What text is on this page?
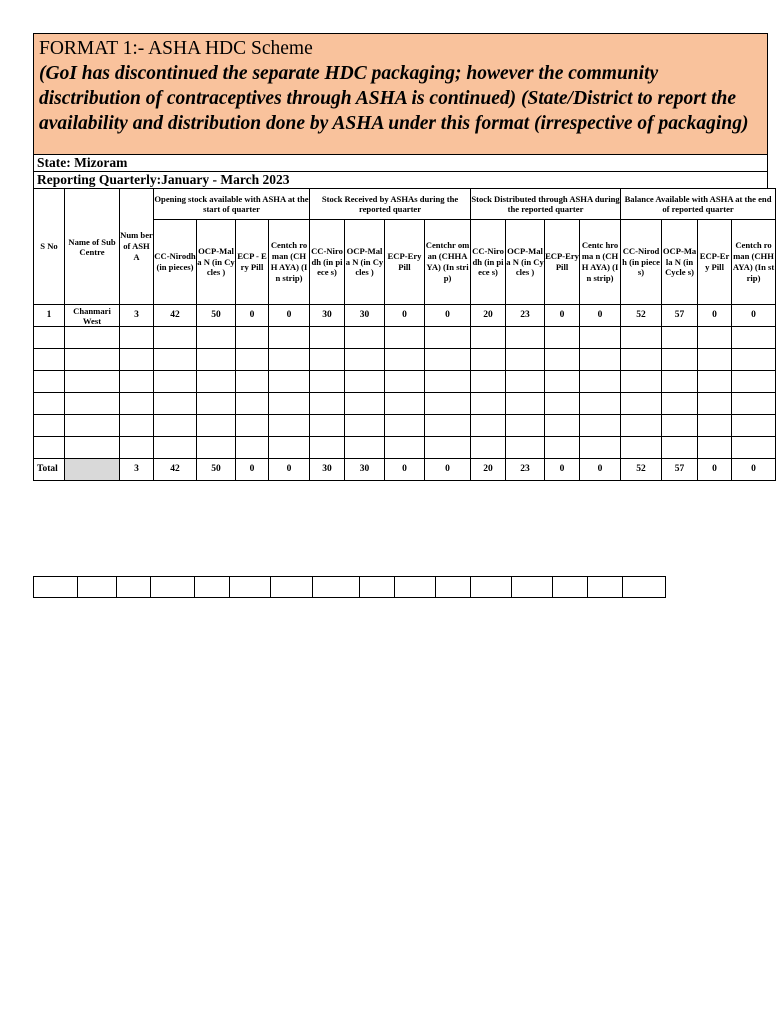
FORMAT 1:- ASHA HDC Scheme
(GoI has discontinued the separate HDC packaging; however the community disctribution of contraceptives through ASHA is continued) (State/District to report the availability and distribution done by ASHA under this format (irrespective of packaging)
State: Mizoram
Reporting Quarterly:January - March 2023
S No	Name of Sub Centre	Num ber of ASH A	Opening stock available with ASHA at the start of quarter				Stock Received by ASHAs during the reported quarter				Stock Distributed through ASHA during the reported quarter				Balance Available with ASHA at the end of reported quarter			
			CC-Nirodh (in pieces)	OCP-Mala N (in Cycles )	ECP - Ery Pill	Centch roman (CHH AYA) (In strip)	CC-Niro dh (in piece s)	OCP-Mala N (in Cycles )	ECP-Ery Pill	Centchr oman (CHHA YA) (In strip)	CC-Niro dh (in piece s)	OCP-Mala N (in Cycles )	ECP-Ery Pill	Centc hroma n (CHH AYA) (In strip)	CC-Nirod h (in pieces)	OCP-Mala N (in Cycle s)	ECP-Ery Pill	Centch roman (CHH AYA) (In strip)
1	Chanmari West	3	42	50	0	0	30	30	0	0	20	23	0	0	52	57	0	0

Total		3	42	50	0	0	30	30	0	0	20	23	0	0	52	57	0	0
